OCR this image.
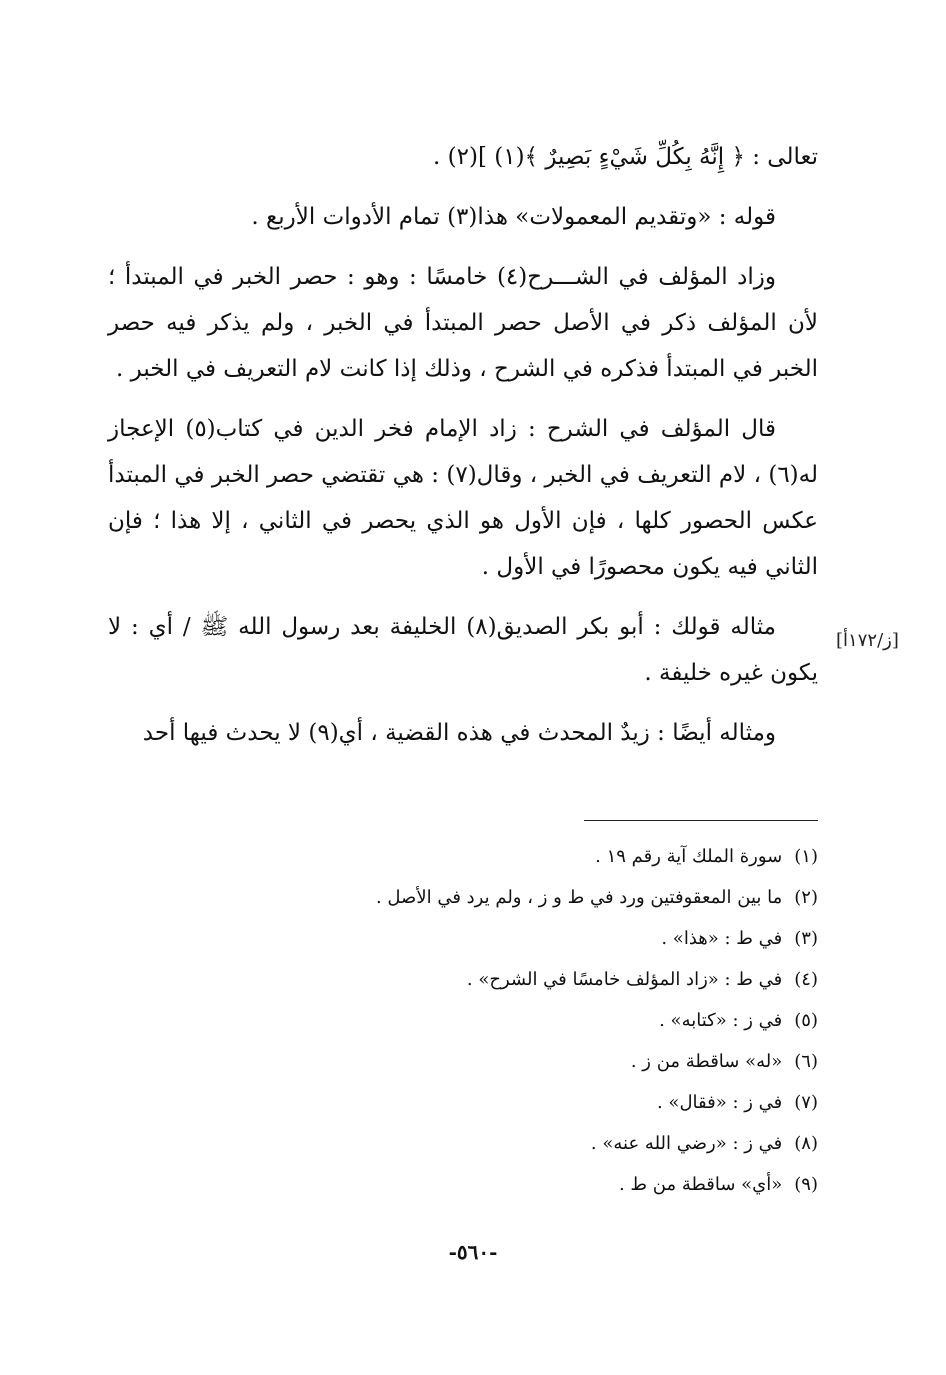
تعالى : ﴿ إِنَّهُ بِكُلِّ شَيْءٍ بَصِيرٌ ﴾(١) ](٢) .

قوله : «وتقديم المعمولات» هذا(٣) تمام الأدوات الأربع .

وزاد المؤلف في الشـــرح(٤) خامسًا : وهو : حصر الخبر في المبتدأ ؛ لأن المؤلف ذكر في الأصل حصر المبتدأ في الخبر ، ولم يذكر فيه حصر الخبر في المبتدأ فذكره في الشرح ، وذلك إذا كانت لام التعريف في الخبر .

قال المؤلف في الشرح : زاد الإمام فخر الدين في كتاب(٥) الإعجاز له(٦) ، لام التعريف في الخبر ، وقال(٧) : هي تقتضي حصر الخبر في المبتدأ عكس الحصور كلها ، فإن الأول هو الذي يحصر في الثاني ، إلا هذا ؛ فإن الثاني فيه يكون محصورًا في الأول .

مثاله قولك : أبو بكر الصديق(٨) الخليفة بعد رسول الله ﷺ / أي : لا يكون غيره خليفة .

ومثاله أيضًا : زيدٌ المحدث في هذه القضية ، أي(٩) لا يحدث فيها أحد

[ز/١٧٢أ]
(١) سورة الملك آية رقم ١٩ .
(٢) ما بين المعقوفتين ورد في ط و ز ، ولم يرد في الأصل .
(٣) في ط : «هذا» .
(٤) في ط : «زاد المؤلف خامسًا في الشرح» .
(٥) في ز : «كتابه» .
(٦) «له» ساقطة من ز .
(٧) في ز : «فقال» .
(٨) في ز : «رضي الله عنه» .
(٩) «أي» ساقطة من ط .
-٥٦٠-
